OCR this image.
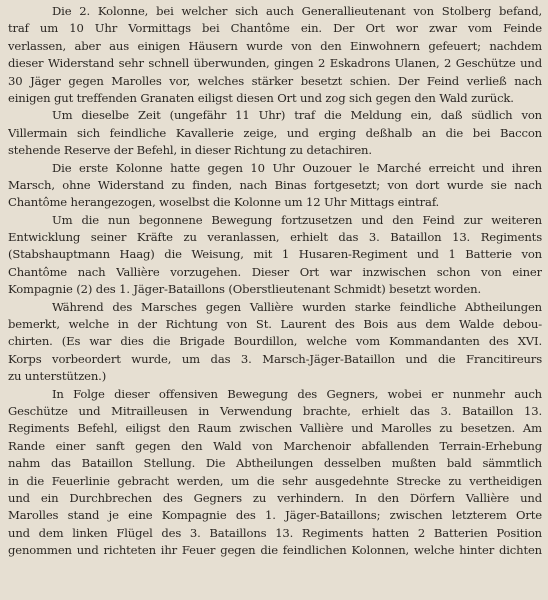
Die 2. Kolonne, bei welcher sich auch Generallieutenant von Stolberg befand,
traf um 10 Uhr Vormittags bei Chantôme ein. Der Ort wor zwar vom Feinde
verlassen, aber aus einigen Häusern wurde von den Einwohnern gefeuert; nachdem
dieser Widerstand sehr schnell überwunden, gingen 2 Eskadrons Ulanen, 2 Geschütze und
30 Jäger gegen Marolles vor, welches stärker besetzt schien. Der Feind verließ nach
einigen gut treffenden Granaten eiligst diesen Ort und zog sich gegen den Wald zurück.
Um dieselbe Zeit (ungefähr 11 Uhr) traf die Meldung ein, daß südlich von
Villermain sich feindliche Kavallerie zeige, und erging deßhalb an die bei Baccon
stehende Reserve der Befehl, in dieser Richtung zu detachiren.
Die erste Kolonne hatte gegen 10 Uhr Ouzouer le Marché erreicht und ihren
Marsch, ohne Widerstand zu finden, nach Binas fortgesetzt; von dort wurde sie nach
Chantôme herangezogen, woselbst die Kolonne um 12 Uhr Mittags eintraf.
Um die nun begonnene Bewegung fortzusetzen und den Feind zur weiteren
Entwicklung seiner Kräfte zu veranlassen, erhielt das 3. Bataillon 13. Regiments
(Stabshauptmann Haag) die Weisung, mit 1 Husaren-Regiment und 1 Batterie von
Chantôme nach Vallière vorzugehen. Dieser Ort war inzwischen schon von einer
Kompagnie (2) des 1. Jäger-Bataillons (Oberstlieutenant Schmidt) besetzt worden.
Während des Marsches gegen Vallière wurden starke feindliche Abtheilungen
bemerkt, welche in der Richtung von St. Laurent des Bois aus dem Walde debou-
chirten. (Es war dies die Brigade Bourdillon, welche vom Kommandanten des XVI.
Korps vorbeordert wurde, um das 3. Marsch-Jäger-Bataillon und die Francitireurs
zu unterstützen.)
In Folge dieser offensiven Bewegung des Gegners, wobei er nunmehr auch
Geschütze und Mitrailleusen in Verwendung brachte, erhielt das 3. Bataillon 13.
Regiments Befehl, eiligst den Raum zwischen Vallière und Marolles zu besetzen. Am
Rande einer sanft gegen den Wald von Marchenoir abfallenden Terrain-Erhebung
nahm das Bataillon Stellung. Die Abtheilungen desselben mußten bald sämmtlich
in die Feuerlinie gebracht werden, um die sehr ausgedehnte Strecke zu vertheidigen
und ein Durchbrechen des Gegners zu verhindern. In den Dörfern Vallière und
Marolles stand je eine Kompagnie des 1. Jäger-Bataillons; zwischen letzterem Orte
und dem linken Flügel des 3. Bataillons 13. Regiments hatten 2 Batterien Position
genommen und richteten ihr Feuer gegen die feindlichen Kolonnen, welche hinter dichten
